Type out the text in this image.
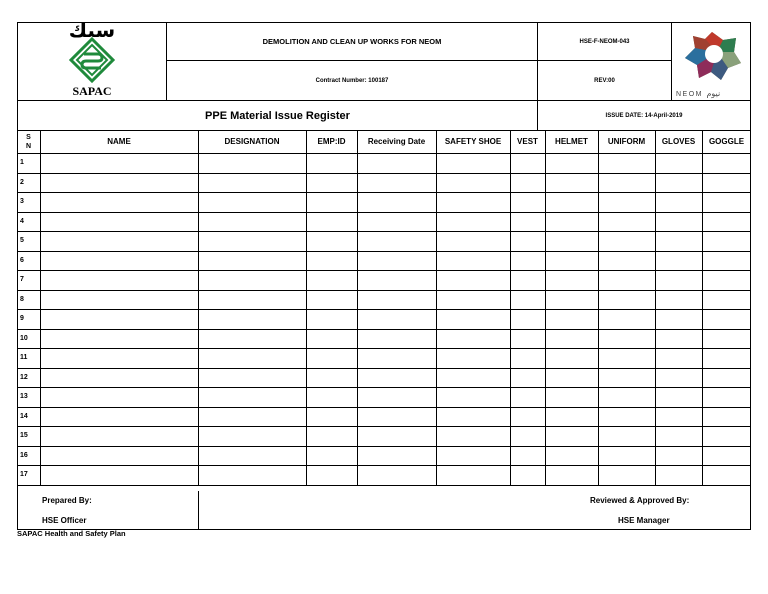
سبك
SAPAC
DEMOLITION AND CLEAN UP WORKS FOR NEOM
Contract Number: 100187
HSE-F-NEOM-043
REV:00
NEOM نيوم
PPE Material Issue Register	ISSUE DATE: 14-April-2019
S
N	NAME	DESIGNATION	EMP:ID	Receiving Date	SAFETY SHOE	VEST	HELMET	UNIFORM	GLOVES	GOGGLE
1
2
3
4
5
6
7
8
9
10
11
12
13
14
15
16
17
Prepared By:
HSE Officer
Reviewed & Approved By:
HSE Manager
SAPAC Health and Safety Plan
